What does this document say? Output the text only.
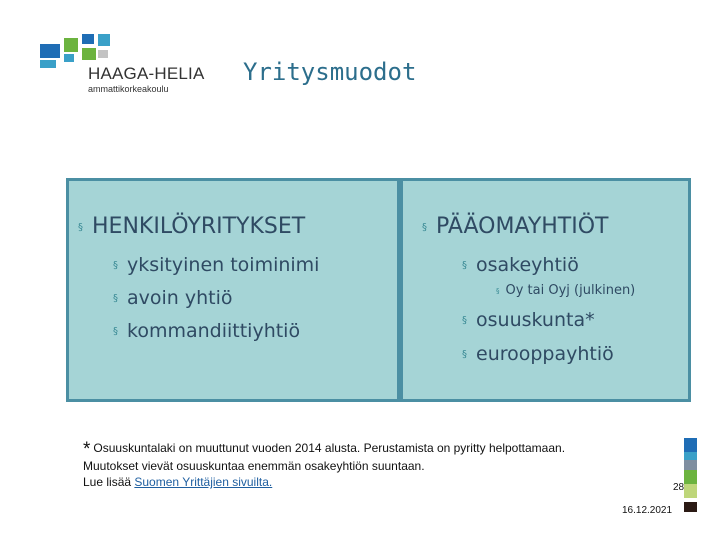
HAAGA-HELIA
ammattikorkeakoulu
Yritysmuodot
§ HENKILÖYRITYKSET
§ yksityinen toiminimi
§ avoin yhtiö
§ kommandiittiyhtiö
§ PÄÄOMAYHTIÖT
§ osakeyhtiö
§ Oy tai Oyj (julkinen)
§ osuuskunta*
§ eurooppayhtiö
* Osuuskuntalaki on muuttunut vuoden 2014 alusta. Perustamista on pyritty helpottamaan.
Muutokset vievät osuuskuntaa enemmän osakeyhtiön suuntaan.
Lue lisää Suomen Yrittäjien sivuilta.	28
16.12.2021
